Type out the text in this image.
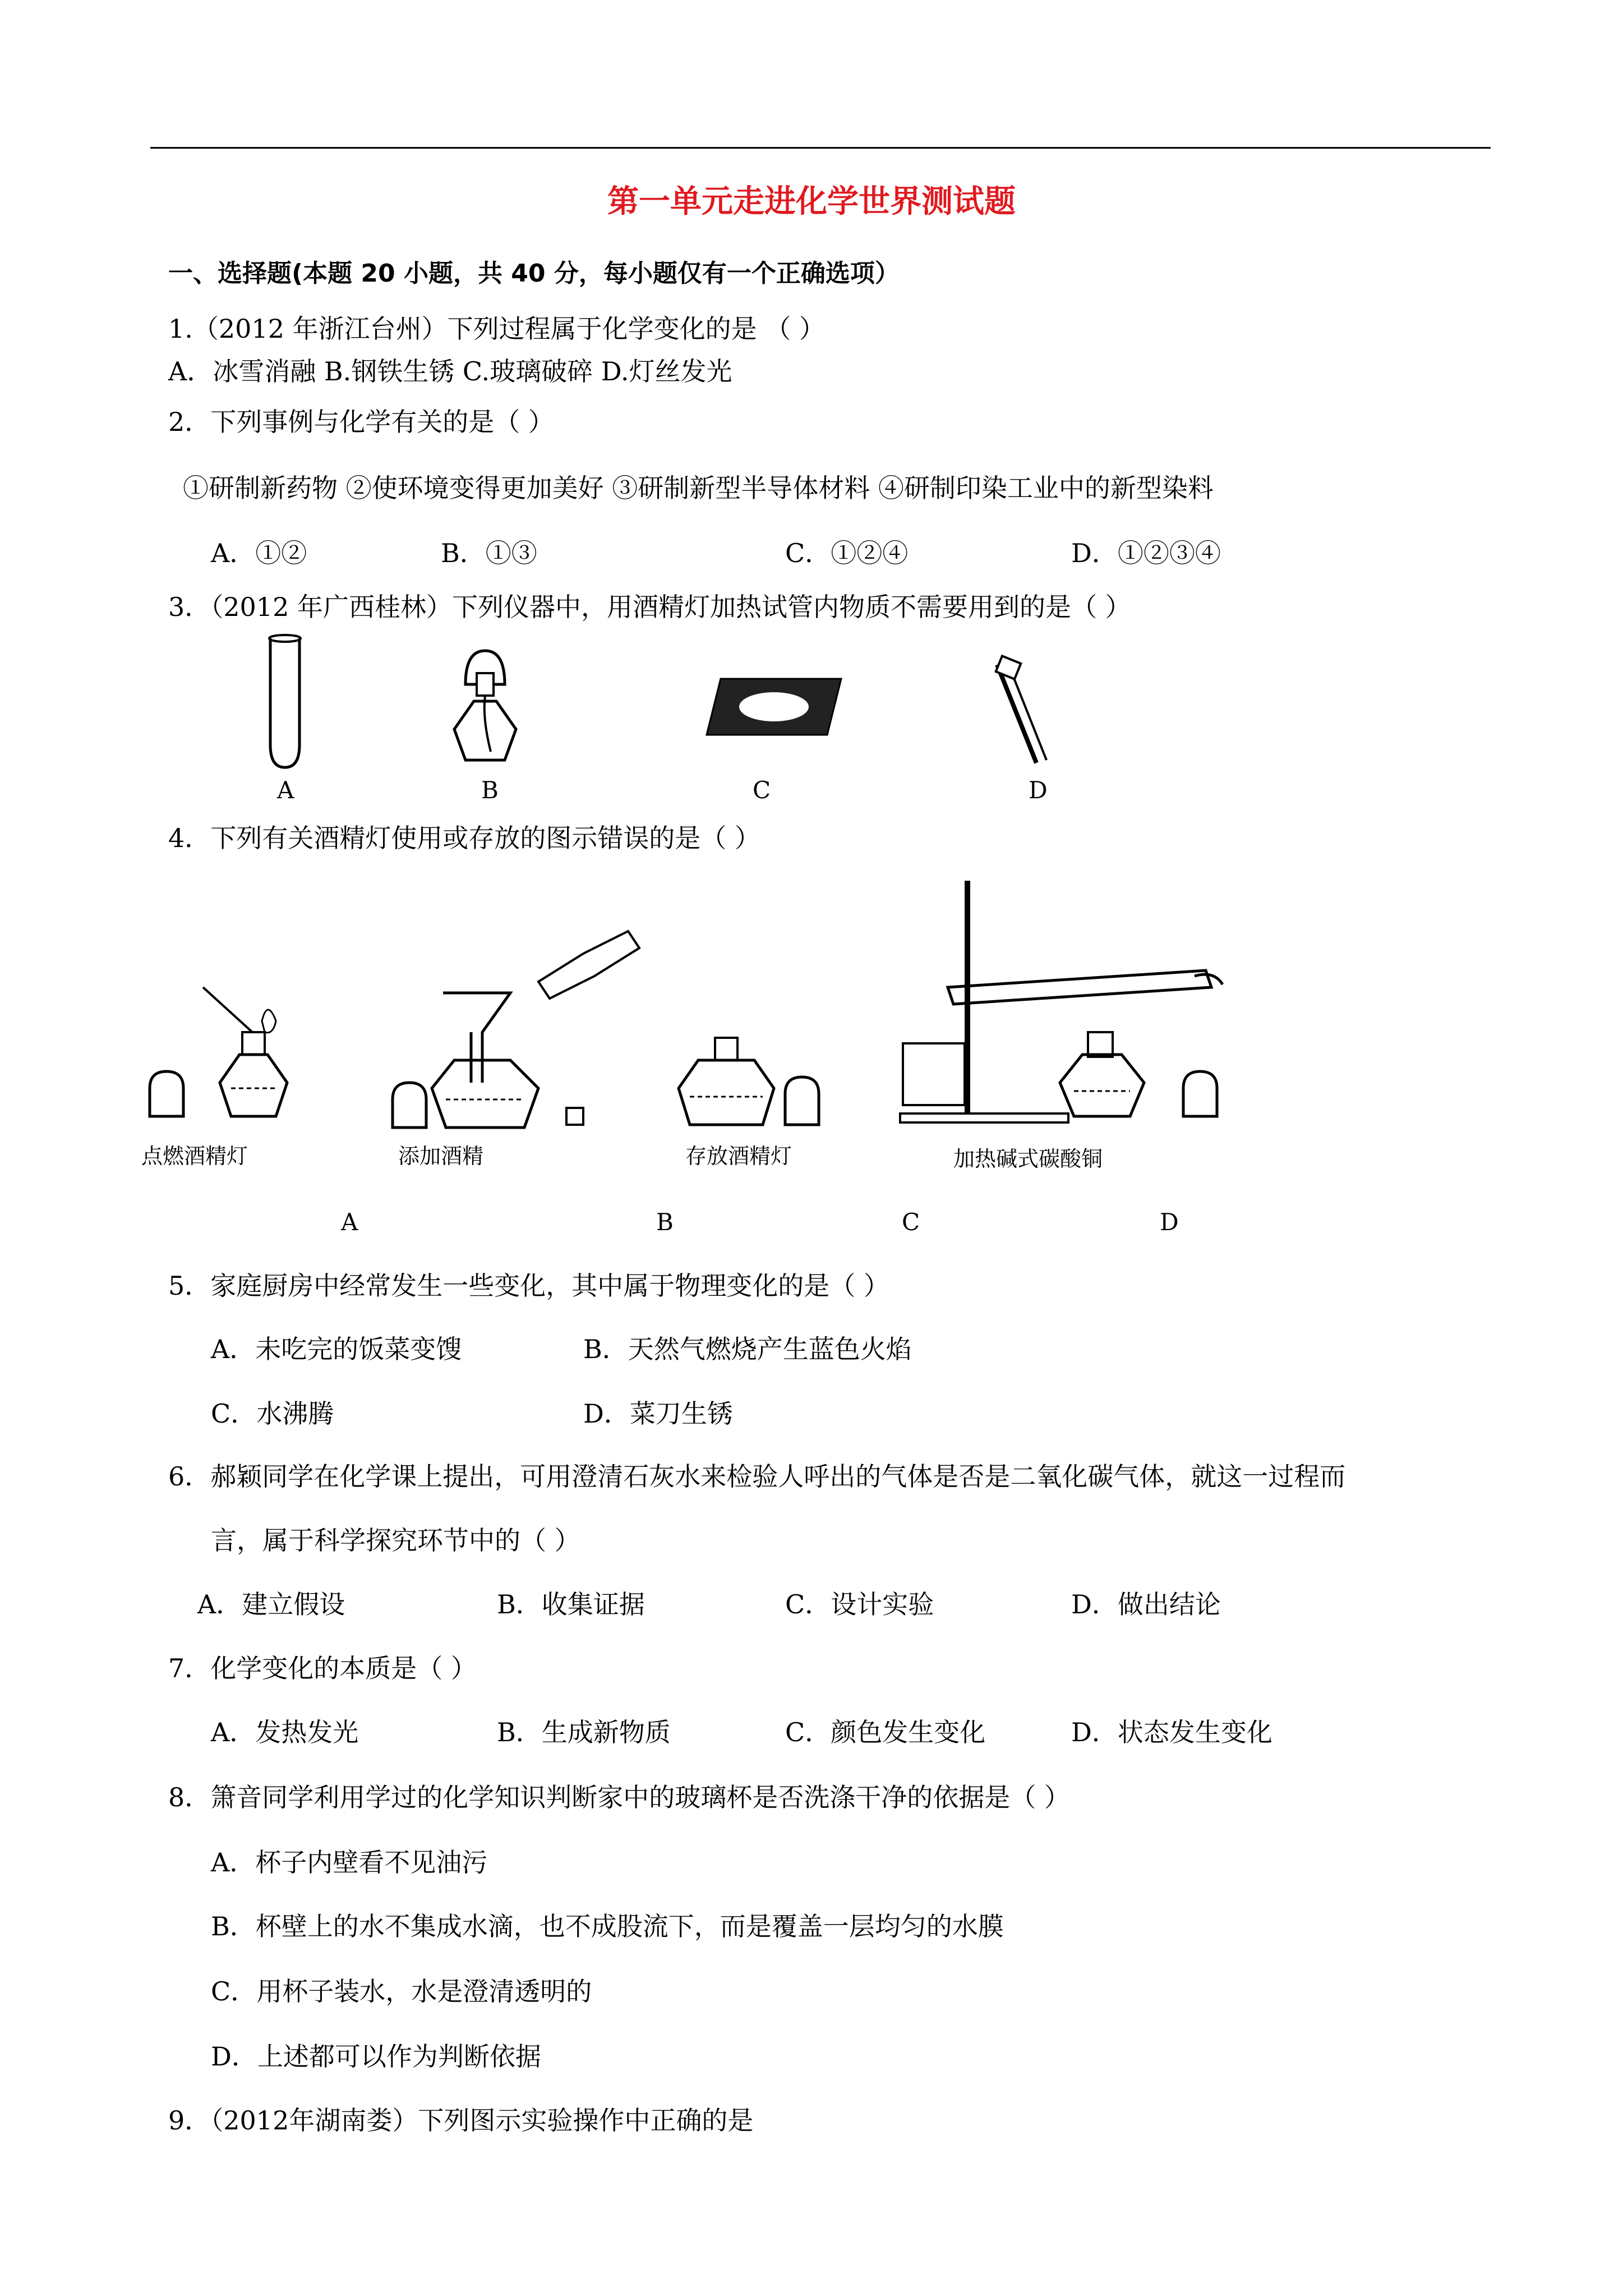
第一单元走进化学世界测试题
一、选择题(本题 20 小题，共 40 分，每小题仅有一个正确选项）
1.（2012 年浙江台州）下列过程属于化学变化的是 （ ）
A．冰雪消融 B.钢铁生锈 C.玻璃破碎 D.灯丝发光
2．下列事例与化学有关的是（ ）
①研制新药物 ②使环境变得更加美好 ③研制新型半导体材料 ④研制印染工业中的新型染料
A．①②	B．①③	C．①②④	D．①②③④
3．（2012 年广西桂林）下列仪器中，用酒精灯加热试管内物质不需要用到的是（ ）
A	B	C	D
4．下列有关酒精灯使用或存放的图示错误的是（ ）
点燃酒精灯	添加酒精	存放酒精灯	加热碱式碳酸铜
A	B	C	D
5．家庭厨房中经常发生一些变化，其中属于物理变化的是（ ）
A．未吃完的饭菜变馊	B．天然气燃烧产生蓝色火焰
C．水沸腾	D．菜刀生锈
6．郝颖同学在化学课上提出，可用澄清石灰水来检验人呼出的气体是否是二氧化碳气体，就这一过程而
言，属于科学探究环节中的（ ）
A．建立假设	B．收集证据	C．设计实验	D．做出结论
7．化学变化的本质是（ ）
A．发热发光	B．生成新物质	C．颜色发生变化	D．状态发生变化
8．箫音同学利用学过的化学知识判断家中的玻璃杯是否洗涤干净的依据是（ ）
A．杯子内壁看不见油污
B．杯壁上的水不集成水滴，也不成股流下，而是覆盖一层均匀的水膜
C．用杯子装水，水是澄清透明的
D．上述都可以作为判断依据
9．（2012年湖南娄）下列图示实验操作中正确的是
